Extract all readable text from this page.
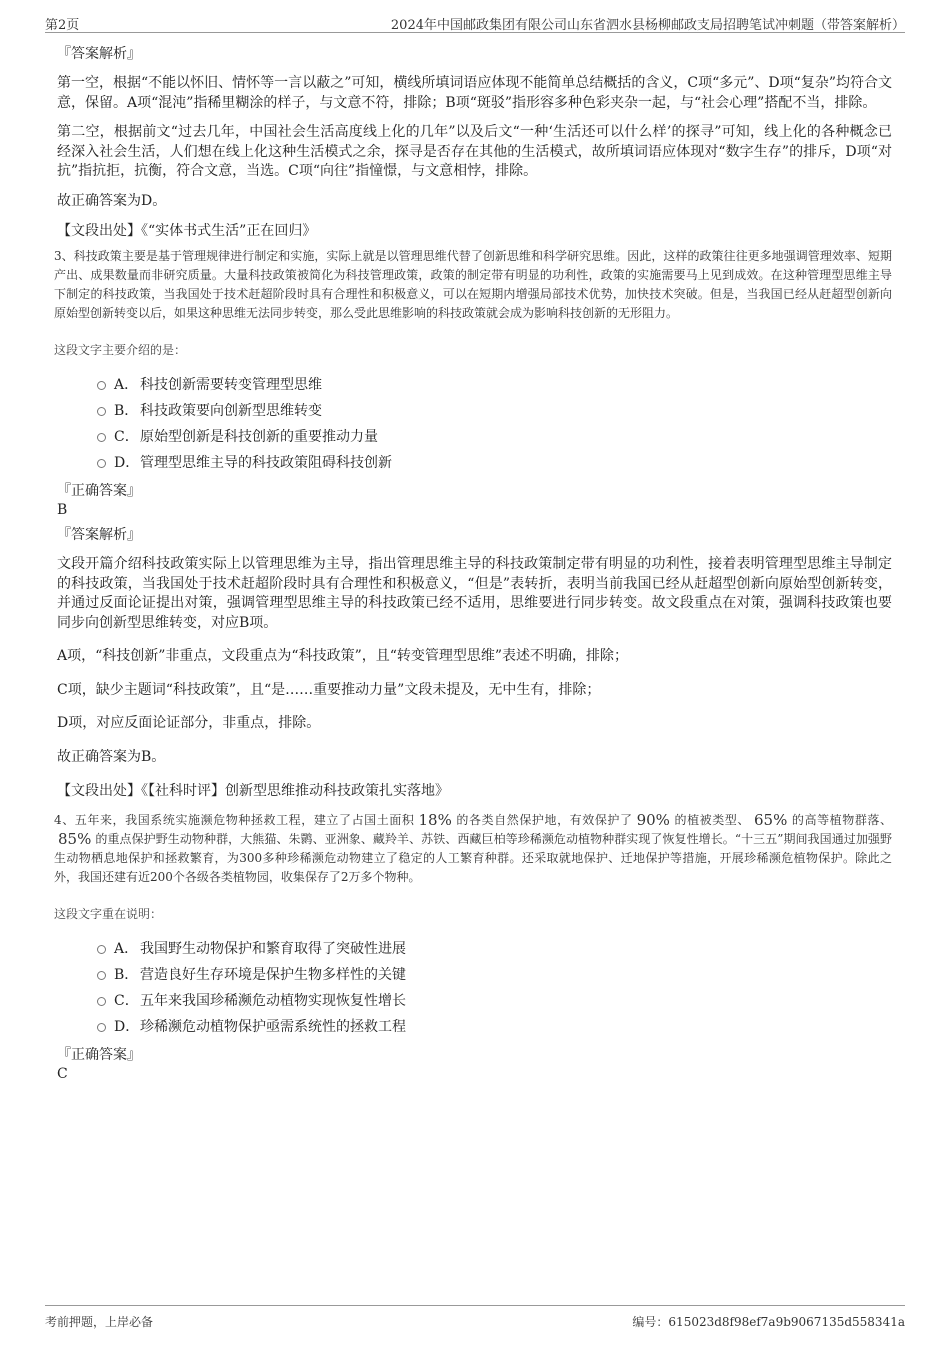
第2页	2024年中国邮政集团有限公司山东省泗水县杨柳邮政支局招聘笔试冲刺题（带答案解析）
『答案解析』

第一空，根据“不能以怀旧、情怀等一言以蔽之”可知，横线所填词语应体现不能简单总结概括的含义，C项“多元”、D项“复杂”均符合文意，保留。A项“混沌”指稀里糊涂的样子，与文意不符，排除；B项“斑驳”指形容多种色彩夹杂一起，与“社会心理”搭配不当，排除。

第二空，根据前文“过去几年，中国社会生活高度线上化的几年”以及后文“一种‘生活还可以什么样’的探寻”可知，线上化的各种概念已经深入社会生活，人们想在线上化这种生活模式之余，探寻是否存在其他的生活模式，故所填词语应体现对“数字生存”的排斥，D项“对抗”指抗拒，抗衡，符合文意，当选。C项“向往”指憧憬，与文意相悖，排除。

故正确答案为D。

【文段出处】《“实体书式生活”正在回归》
3、科技政策主要是基于管理规律进行制定和实施，实际上就是以管理思维代替了创新思维和科学研究思维。因此，这样的政策往往更多地强调管理效率、短期产出、成果数量而非研究质量。大量科技政策被简化为科技管理政策，政策的制定带有明显的功利性，政策的实施需要马上见到成效。在这种管理型思维主导下制定的科技政策，当我国处于技术赶超阶段时具有合理性和积极意义，可以在短期内增强局部技术优势，加快技术突破。但是，当我国已经从赶超型创新向原始型创新转变以后，如果这种思维无法同步转变，那么受此思维影响的科技政策就会成为影响科技创新的无形阻力。
这段文字主要介绍的是：
A． 科技创新需要转变管理型思维
B． 科技政策要向创新型思维转变
C．原始型创新是科技创新的重要推动力量
D．管理型思维主导的科技政策阻碍科技创新
『正确答案』
B
『答案解析』

文段开篇介绍科技政策实际上以管理思维为主导，指出管理思维主导的科技政策制定带有明显的功利性，接着表明管理型思维主导制定的科技政策，当我国处于技术赶超阶段时具有合理性和积极意义，“但是”表转折，表明当前我国已经从赶超型创新向原始型创新转变，并通过反面论证提出对策，强调管理型思维主导的科技政策已经不适用，思维要进行同步转变。故文段重点在对策，强调科技政策也要同步向创新型思维转变，对应B项。

A项，“科技创新”非重点，文段重点为“科技政策”，且“转变管理型思维”表述不明确，排除；

C项，缺少主题词“科技政策”，且“是……重要推动力量”文段未提及，无中生有，排除；

D项，对应反面论证部分，非重点，排除。

故正确答案为B。

【文段出处】《【社科时评】创新型思维推动科技政策扎实落地》
4、五年来，我国系统实施濒危物种拯救工程，建立了占国土面积 18% 的各类自然保护地，有效保护了 90% 的植被类型、 65% 的高等植物群落、85% 的重点保护野生动物种群，大熊猫、朱鹮、亚洲象、藏羚羊、苏铁、西藏巨柏等珍稀濒危动植物种群实现了恢复性增长。“十三五”期间我国通过加强野生动物栖息地保护和拯救繁育，为300多种珍稀濒危动物建立了稳定的人工繁育种群。还采取就地保护、迁地保护等措施，开展珍稀濒危植物保护。除此之外，我国还建有近200个各级各类植物园，收集保存了2万多个物种。
这段文字重在说明：
A． 我国野生动物保护和繁育取得了突破性进展
B． 营造良好生存环境是保护生物多样性的关键
C．五年来我国珍稀濒危动植物实现恢复性增长
D．珍稀濒危动植物保护亟需系统性的拯救工程
『正确答案』
C
考前押题，上岸必备	编号：615023d8f98ef7a9b9067135d558341a
